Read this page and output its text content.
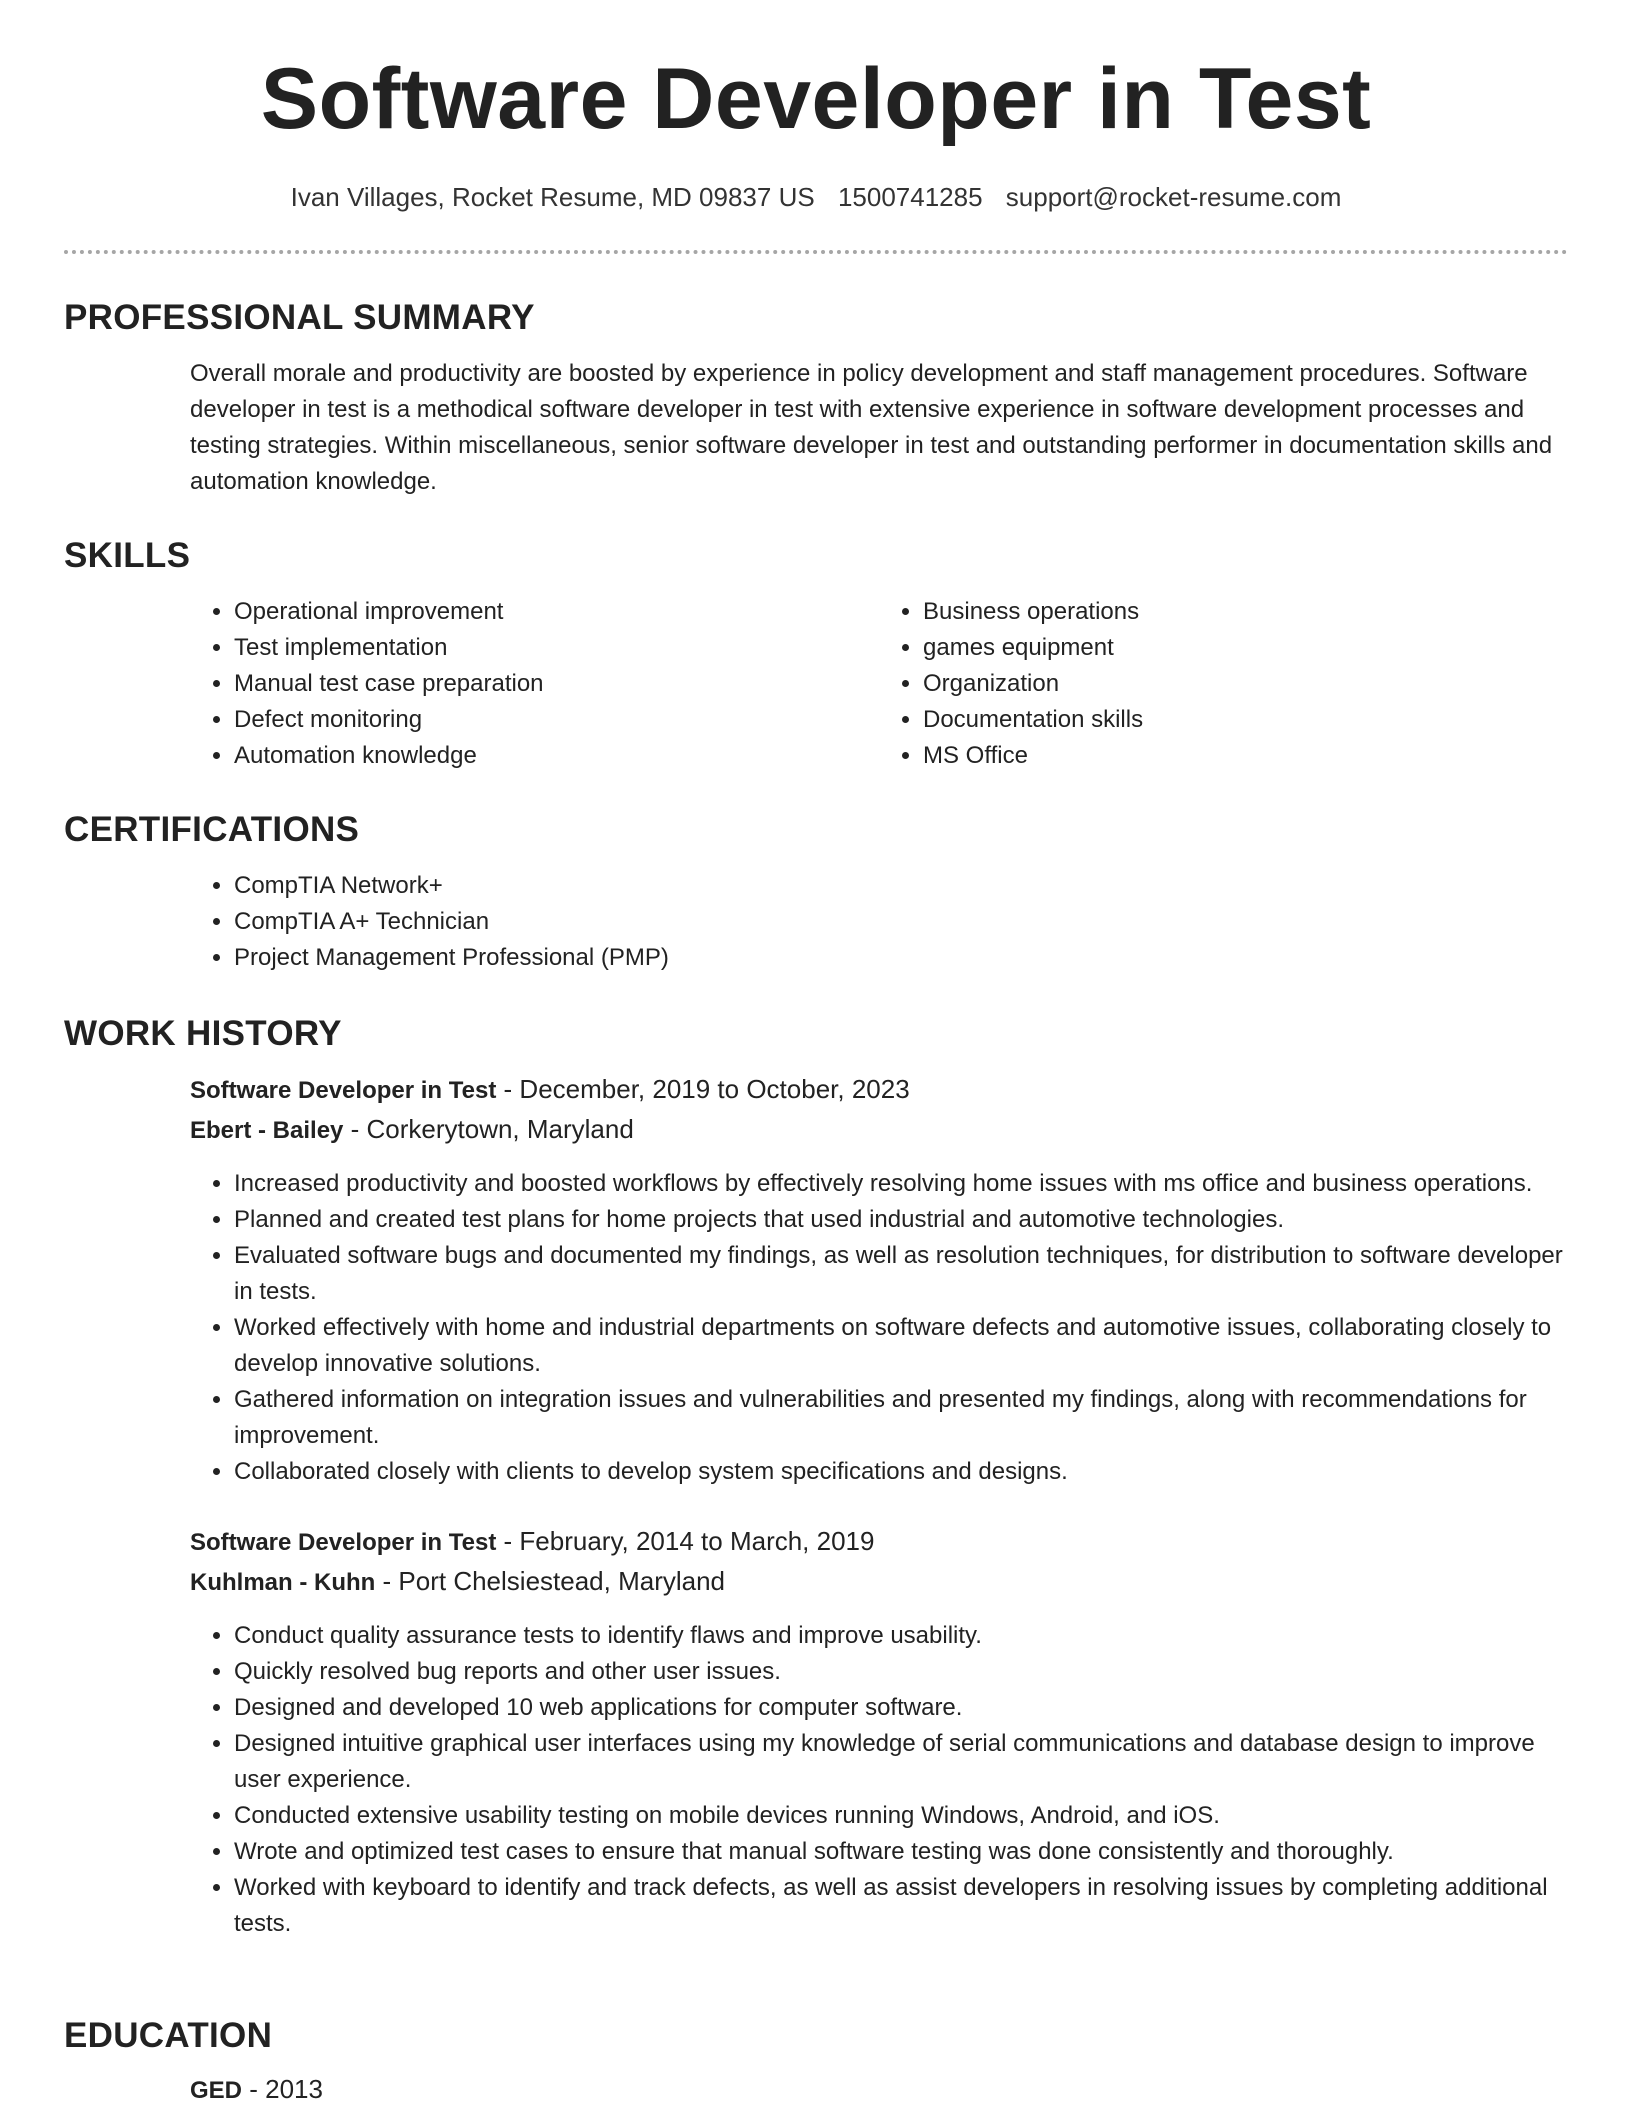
Software Developer in Test
Ivan Villages, Rocket Resume, MD 09837 US 1500741285 support@rocket-resume.com
PROFESSIONAL SUMMARY

Overall morale and productivity are boosted by experience in policy development and staff management procedures. Software developer in test is a methodical software developer in test with extensive experience in software development processes and testing strategies. Within miscellaneous, senior software developer in test and outstanding performer in documentation skills and automation knowledge.

SKILLS
• Operational improvement
• Test implementation
• Manual test case preparation
• Defect monitoring
• Automation knowledge
• Business operations
• games equipment
• Organization
• Documentation skills
• MS Office
CERTIFICATIONS
• CompTIA Network+
• CompTIA A+ Technician
• Project Management Professional (PMP)
WORK HISTORY
Software Developer in Test - December, 2019 to October, 2023
Ebert - Bailey - Corkerytown, Maryland
• Increased productivity and boosted workflows by effectively resolving home issues with ms office and business operations.
• Planned and created test plans for home projects that used industrial and automotive technologies.
• Evaluated software bugs and documented my findings, as well as resolution techniques, for distribution to software developer in tests.
• Worked effectively with home and industrial departments on software defects and automotive issues, collaborating closely to develop innovative solutions.
• Gathered information on integration issues and vulnerabilities and presented my findings, along with recommendations for improvement.
• Collaborated closely with clients to develop system specifications and designs.
Software Developer in Test - February, 2014 to March, 2019
Kuhlman - Kuhn - Port Chelsiestead, Maryland
• Conduct quality assurance tests to identify flaws and improve usability.
• Quickly resolved bug reports and other user issues.
• Designed and developed 10 web applications for computer software.
• Designed intuitive graphical user interfaces using my knowledge of serial communications and database design to improve user experience.
• Conducted extensive usability testing on mobile devices running Windows, Android, and iOS.
• Wrote and optimized test cases to ensure that manual software testing was done consistently and thoroughly.
• Worked with keyboard to identify and track defects, as well as assist developers in resolving issues by completing additional tests.
EDUCATION
GED - 2013
